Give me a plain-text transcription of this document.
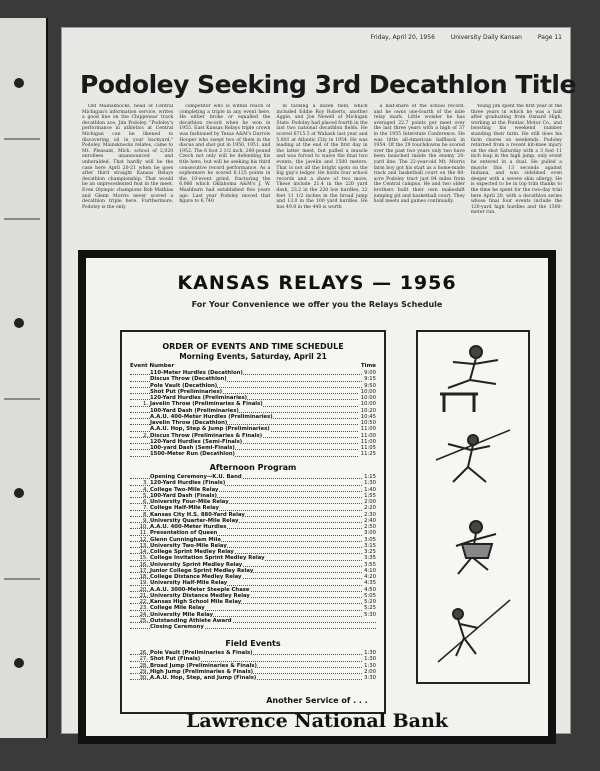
Friday, April 20, 1956	University Daily Kansan	Page 11
Podoley Seeking 3rd Decathlon Title

Old Mainsknocks, head of Central Michigan's information service, writes a good line on the Chippewas' track decathlon ace, Jim Podoley. "Podoley's performance in athletics at Central Michigan can be likened to discovering oil in your backyard." Podoley, Mainsknocks relates, came to Mt. Pleasant, Mich. school of 2,020 enrollees unannounced and unheralded. That hardly will be the case here April 20-21 when he goes after third straight Kansas Relays decathlon championship. That would be an unprecedented feat in the meet. Even Olympic champions Bob Mathias and Glenn Morris never scored a decathlon triple here. Furthermore, Podoley is the only

competitor who is within reach of completing a triple in any event here. He either broke or equalled the decathlon record when he won in 1955. East Kansas Relays triple crown was fashioned by Texas A&M's Darrow Hooper who swept two of them in the discus and shot put in 1950, 1951, and 1952. The 6 foot 2 1/2 inch, 200-pound Czech not only will be defending his title here, but will be seeking his third consecutive record performance. As a sophomore he scored 6,125 points in the 10-event grind, fracturing the 6,066 which Oklahoma A&M's J. W. Mashburn had established five years ago. Last year Podoley moved that figure to 6,740

in tacking a dozen field, which included Eddie Roy Roberts, another Aggie, and Joe Newell of Michigan State. Podoley had placed fourth in the last two national decathlon fields. He scored 6715.5 at Wabash last year and 5,801 at Atlantic City in 1954. He was leading at the end of the first day in the latter meet, but pulled a muscle and was forced to waive the final two events, the javelin and 1500 meters. That is not all the bright spots on the big guy's ledger. He holds four school records and a share of two more. These include 21.4 in the 220 yard dash, 23.2 in the 220 low hurdles, 22 feet 11 1/2 inches in the broad jump and 13.0 in the 100 yard hurdles. He has 49.8 in the 440 is worth

a half-share of the school record, and he owns one-fourth of the mile relay mark. Little wonder he has averaged 22.7 points per meet over the last three years with a high of 37 in the 1955 Interstate Conference. He was little all-American halfback in 1954. Of the 29 touchdowns he scored over the past two years only two have been launched inside the enemy 20-yard line. The 22-year-old Mt. Morris farm boy got his start as a home-made track and basketball court on the 80-acre Podoley tract just 84 miles from the Central campus. He and two older brothers built their own makeshift jumping pit and basketball court. They hold meets and games continually.

Young Jim spent the first year of the three years in which he was a half after graduating from Oxnard High, working at the Pontiac Motor Co., and boosting his weekend number standing their farm. He still does his farm chores on weekends. Podoley returned from a recent kit-knee injury on the shot Saturday with a 3 foot 11 inch leap in the high jump, only event he entered in a dual. He pulled a muscle this 13 seconds against Indiana, and was sidelined even deeper with a severe skin allergy. He is expected to be in top trim thanks to the time he spent for the two-day trial here April 20, with a decathlon series whose final four events include the 120-yard high hurdles and the 1500-meter run.

KANSAS RELAYS — 1956
For Your Convenience we offer you the Relays Schedule
ORDER OF EVENTS AND TIME SCHEDULE
Morning Events, Saturday, April 21
Event Number	Time
110-Meter Hurdles (Decathlon)	9:00
Discus Throw (Decathlon)	9:15
Pole Vault (Decathlon)	9:50
Shot Put (Preliminaries)	10:00
120-Yard Hurdles (Preliminaries)	10:00
1. Javelin Throw (Preliminaries & Finals)	10:00
100-Yard Dash (Preliminaries)	10:20
A.A.U. 400-Meter Hurdles (Preliminaries)	10:45
Javelin Throw (Decathlon)	10:50
A.A.U. Hop, Step & Jump (Preliminaries)	11:00
2. Discus Throw (Preliminaries & Finals)	11:00
120-Yard Hurdles (Semi-Finals)	11:00
100-yard Dash (Semi-Finals)	11:05
1500-Meter Run (Decathlon)	11:25
Afternoon Program
Opening Ceremony—K.U. Band	1:15
3. 120-Yard Hurdles (Finals)	1:30
4. College Two-Mile Relay	1:40
5. 100-Yard Dash (Finals)	1:55
6. University Four-Mile Relay	2:00
7. College Half-Mile Relay	2:20
8. Kansas City H.S. 880-Yard Relay	2:30
9. University Quarter-Mile Relay	2:40
10. A.A.U. 400-Meter Hurdles	2:50
11. Presentation of Queen	3:00
12. Glenn Cunningham Mile	3:05
13. University Two-Mile Relay	3:15
14. College Sprint Medley Relay	3:25
15. College Invitation Sprint Medley Relay	3:35
16. University Sprint Medley Relay	3:55
17. Junior College Sprint Medley Relay	4:10
18. College Distance Medley Relay	4:20
19. University Half-Mile Relay	4:35
20. A.A.U. 3000-Meter Steeple Chase	4:50
21. University Distance Medley Relay	5:05
22. Kansas High School Mile Relay	5:20
23. College Mile Relay	5:25
24. University Mile Relay	5:30
25. Outstanding Athlete Award
Closing Ceremony
Field Events
26. Pole Vault (Preliminaries & Finals)	1:30
27. Shot Put (Finals)	1:30
28. Broad Jump (Preliminaries & Finals)	1:30
29. High Jump (Preliminaries & Finals)	2:00
30. A.A.U. Hop, Step, and Jump (Finals)	3:30
Another Service of . . .
Lawrence National Bank
